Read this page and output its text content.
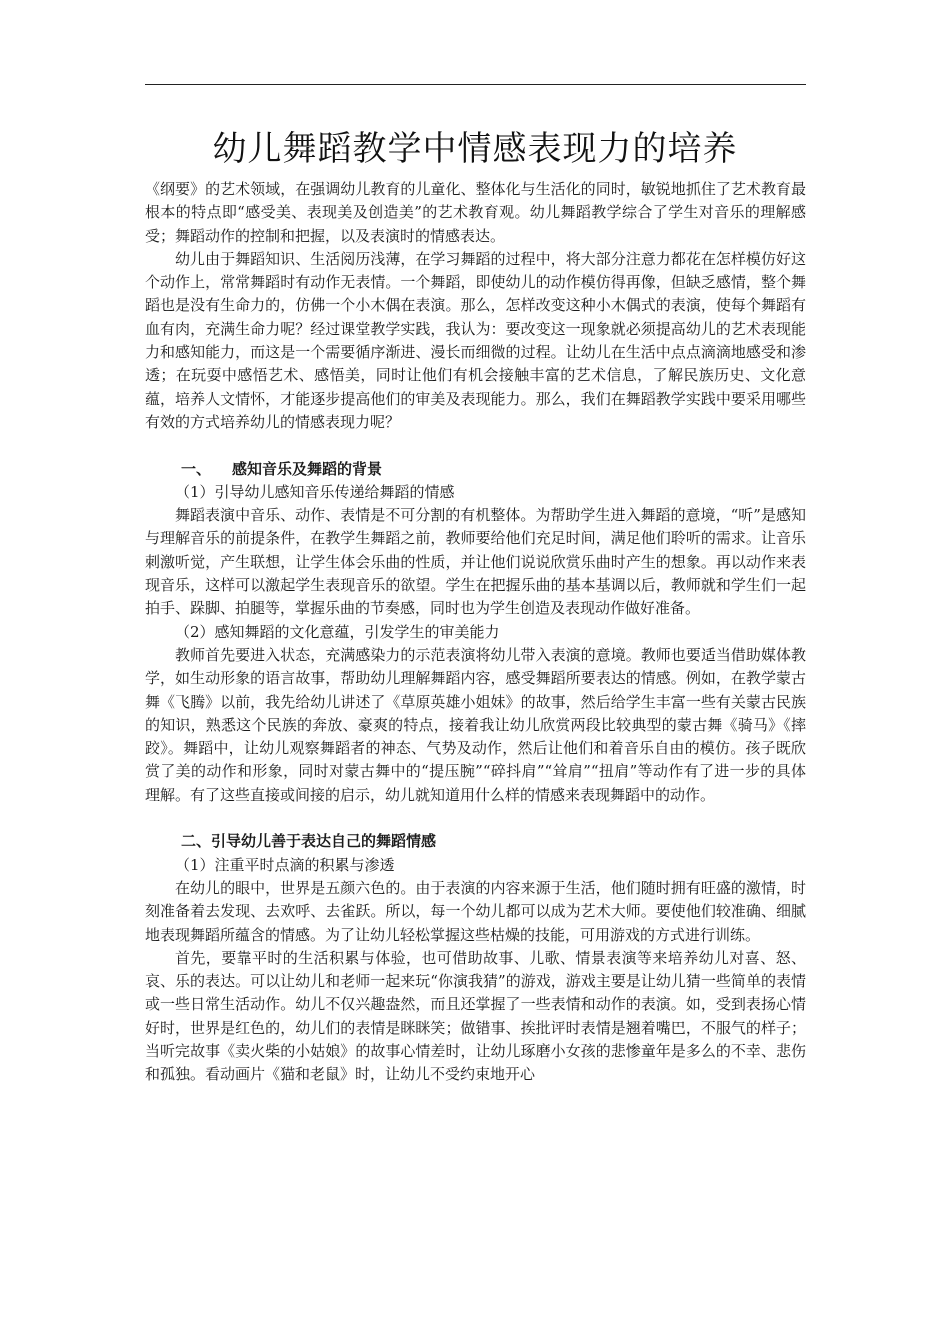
幼儿舞蹈教学中情感表现力的培养

《纲要》的艺术领域，在强调幼儿教育的儿童化、整体化与生活化的同时，敏锐地抓住了艺术教育最根本的特点即“感受美、表现美及创造美”的艺术教育观。幼儿舞蹈教学综合了学生对音乐的理解感受；舞蹈动作的控制和把握，以及表演时的情感表达。

幼儿由于舞蹈知识、生活阅历浅薄，在学习舞蹈的过程中，将大部分注意力都花在怎样模仿好这个动作上，常常舞蹈时有动作无表情。一个舞蹈，即使幼儿的动作模仿得再像，但缺乏感情，整个舞蹈也是没有生命力的，仿佛一个小木偶在表演。那么，怎样改变这种小木偶式的表演，使每个舞蹈有血有肉，充满生命力呢？经过课堂教学实践，我认为：要改变这一现象就必须提高幼儿的艺术表现能力和感知能力，而这是一个需要循序渐进、漫长而细微的过程。让幼儿在生活中点点滴滴地感受和渗透；在玩耍中感悟艺术、感悟美，同时让他们有机会接触丰富的艺术信息，了解民族历史、文化意蕴，培养人文情怀，才能逐步提高他们的审美及表现能力。那么，我们在舞蹈教学实践中要采用哪些有效的方式培养幼儿的情感表现力呢？

一、 感知音乐及舞蹈的背景

（1）引导幼儿感知音乐传递给舞蹈的情感

舞蹈表演中音乐、动作、表情是不可分割的有机整体。为帮助学生进入舞蹈的意境，“听”是感知与理解音乐的前提条件，在教学生舞蹈之前，教师要给他们充足时间，满足他们聆听的需求。让音乐刺激听觉，产生联想，让学生体会乐曲的性质，并让他们说说欣赏乐曲时产生的想象。再以动作来表现音乐，这样可以激起学生表现音乐的欲望。学生在把握乐曲的基本基调以后，教师就和学生们一起拍手、跺脚、拍腿等，掌握乐曲的节奏感，同时也为学生创造及表现动作做好准备。

（2）感知舞蹈的文化意蕴，引发学生的审美能力

教师首先要进入状态，充满感染力的示范表演将幼儿带入表演的意境。教师也要适当借助媒体教学，如生动形象的语言故事，帮助幼儿理解舞蹈内容，感受舞蹈所要表达的情感。例如，在教学蒙古舞《飞腾》以前，我先给幼儿讲述了《草原英雄小姐妹》的故事，然后给学生丰富一些有关蒙古民族的知识，熟悉这个民族的奔放、豪爽的特点，接着我让幼儿欣赏两段比较典型的蒙古舞《骑马》《摔跤》。舞蹈中，让幼儿观察舞蹈者的神态、气势及动作，然后让他们和着音乐自由的模仿。孩子既欣赏了美的动作和形象，同时对蒙古舞中的“提压腕”“碎抖肩”“耸肩”“扭肩”等动作有了进一步的具体理解。有了这些直接或间接的启示，幼儿就知道用什么样的情感来表现舞蹈中的动作。

二、引导幼儿善于表达自己的舞蹈情感

（1）注重平时点滴的积累与渗透

在幼儿的眼中，世界是五颜六色的。由于表演的内容来源于生活，他们随时拥有旺盛的激情，时刻准备着去发现、去欢呼、去雀跃。所以，每一个幼儿都可以成为艺术大师。要使他们较准确、细腻地表现舞蹈所蕴含的情感。为了让幼儿轻松掌握这些枯燥的技能，可用游戏的方式进行训练。

首先，要靠平时的生活积累与体验，也可借助故事、儿歌、情景表演等来培养幼儿对喜、怒、哀、乐的表达。可以让幼儿和老师一起来玩“你演我猜”的游戏，游戏主要是让幼儿猜一些简单的表情或一些日常生活动作。幼儿不仅兴趣盎然，而且还掌握了一些表情和动作的表演。如，受到表扬心情好时，世界是红色的，幼儿们的表情是眯眯笑；做错事、挨批评时表情是翘着嘴巴，不服气的样子；当听完故事《卖火柴的小姑娘》的故事心情差时，让幼儿琢磨小女孩的悲惨童年是多么的不幸、悲伤和孤独。看动画片《猫和老鼠》时，让幼儿不受约束地开心
